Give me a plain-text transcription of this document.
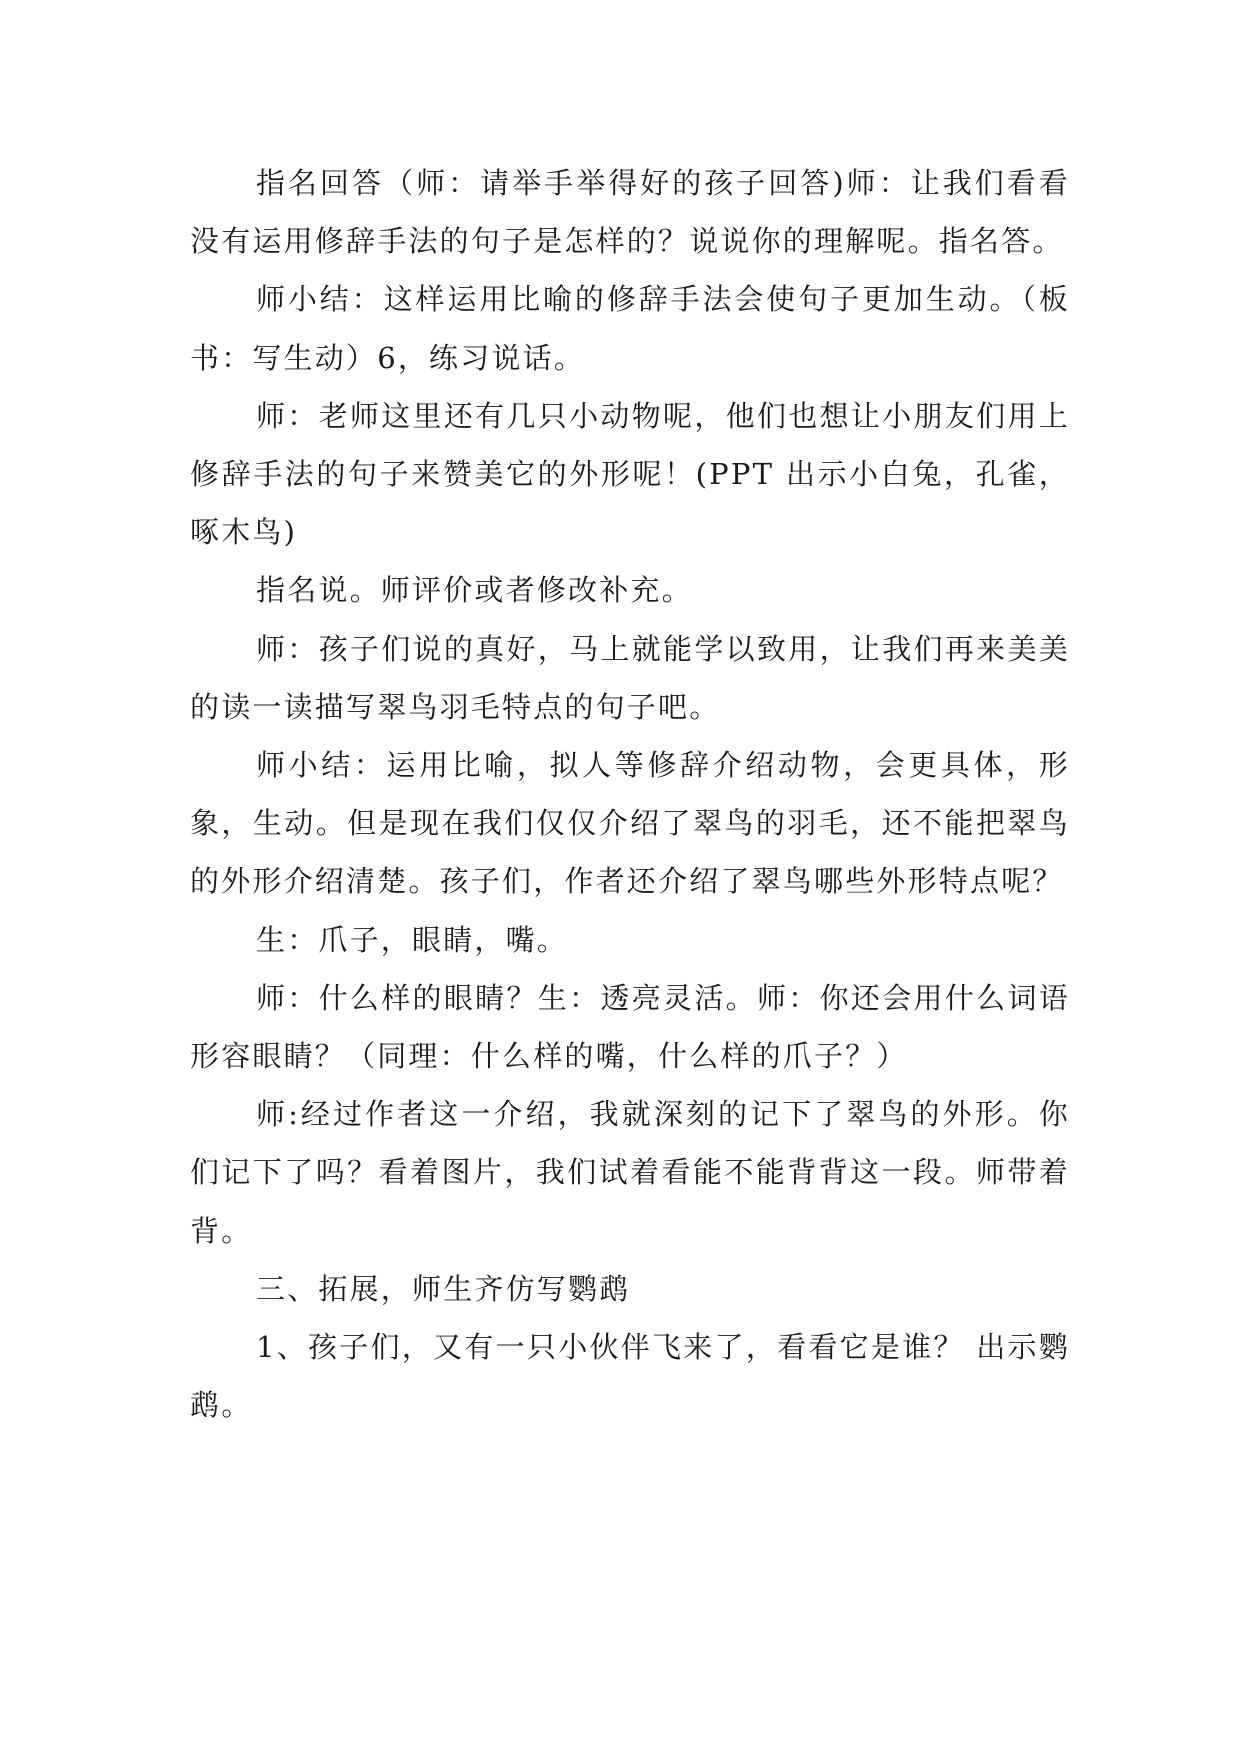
指名回答（师：请举手举得好的孩子回答)师：让我们看看没有运用修辞手法的句子是怎样的？说说你的理解呢。指名答。

师小结：这样运用比喻的修辞手法会使句子更加生动。（板书：写生动）6，练习说话。

师：老师这里还有几只小动物呢，他们也想让小朋友们用上修辞手法的句子来赞美它的外形呢！(PPT 出示小白兔，孔雀，啄木鸟)

指名说。师评价或者修改补充。

师：孩子们说的真好，马上就能学以致用，让我们再来美美的读一读描写翠鸟羽毛特点的句子吧。

师小结：运用比喻，拟人等修辞介绍动物，会更具体，形象，生动。但是现在我们仅仅介绍了翠鸟的羽毛，还不能把翠鸟的外形介绍清楚。孩子们，作者还介绍了翠鸟哪些外形特点呢？

生：爪子，眼睛，嘴。

师：什么样的眼睛？生：透亮灵活。师：你还会用什么词语形容眼睛？（同理：什么样的嘴，什么样的爪子？）

师:经过作者这一介绍，我就深刻的记下了翠鸟的外形。你们记下了吗？看着图片，我们试着看能不能背背这一段。师带着背。

三、拓展，师生齐仿写鹦鹉

1、孩子们，又有一只小伙伴飞来了，看看它是谁？ 出示鹦鹉。
